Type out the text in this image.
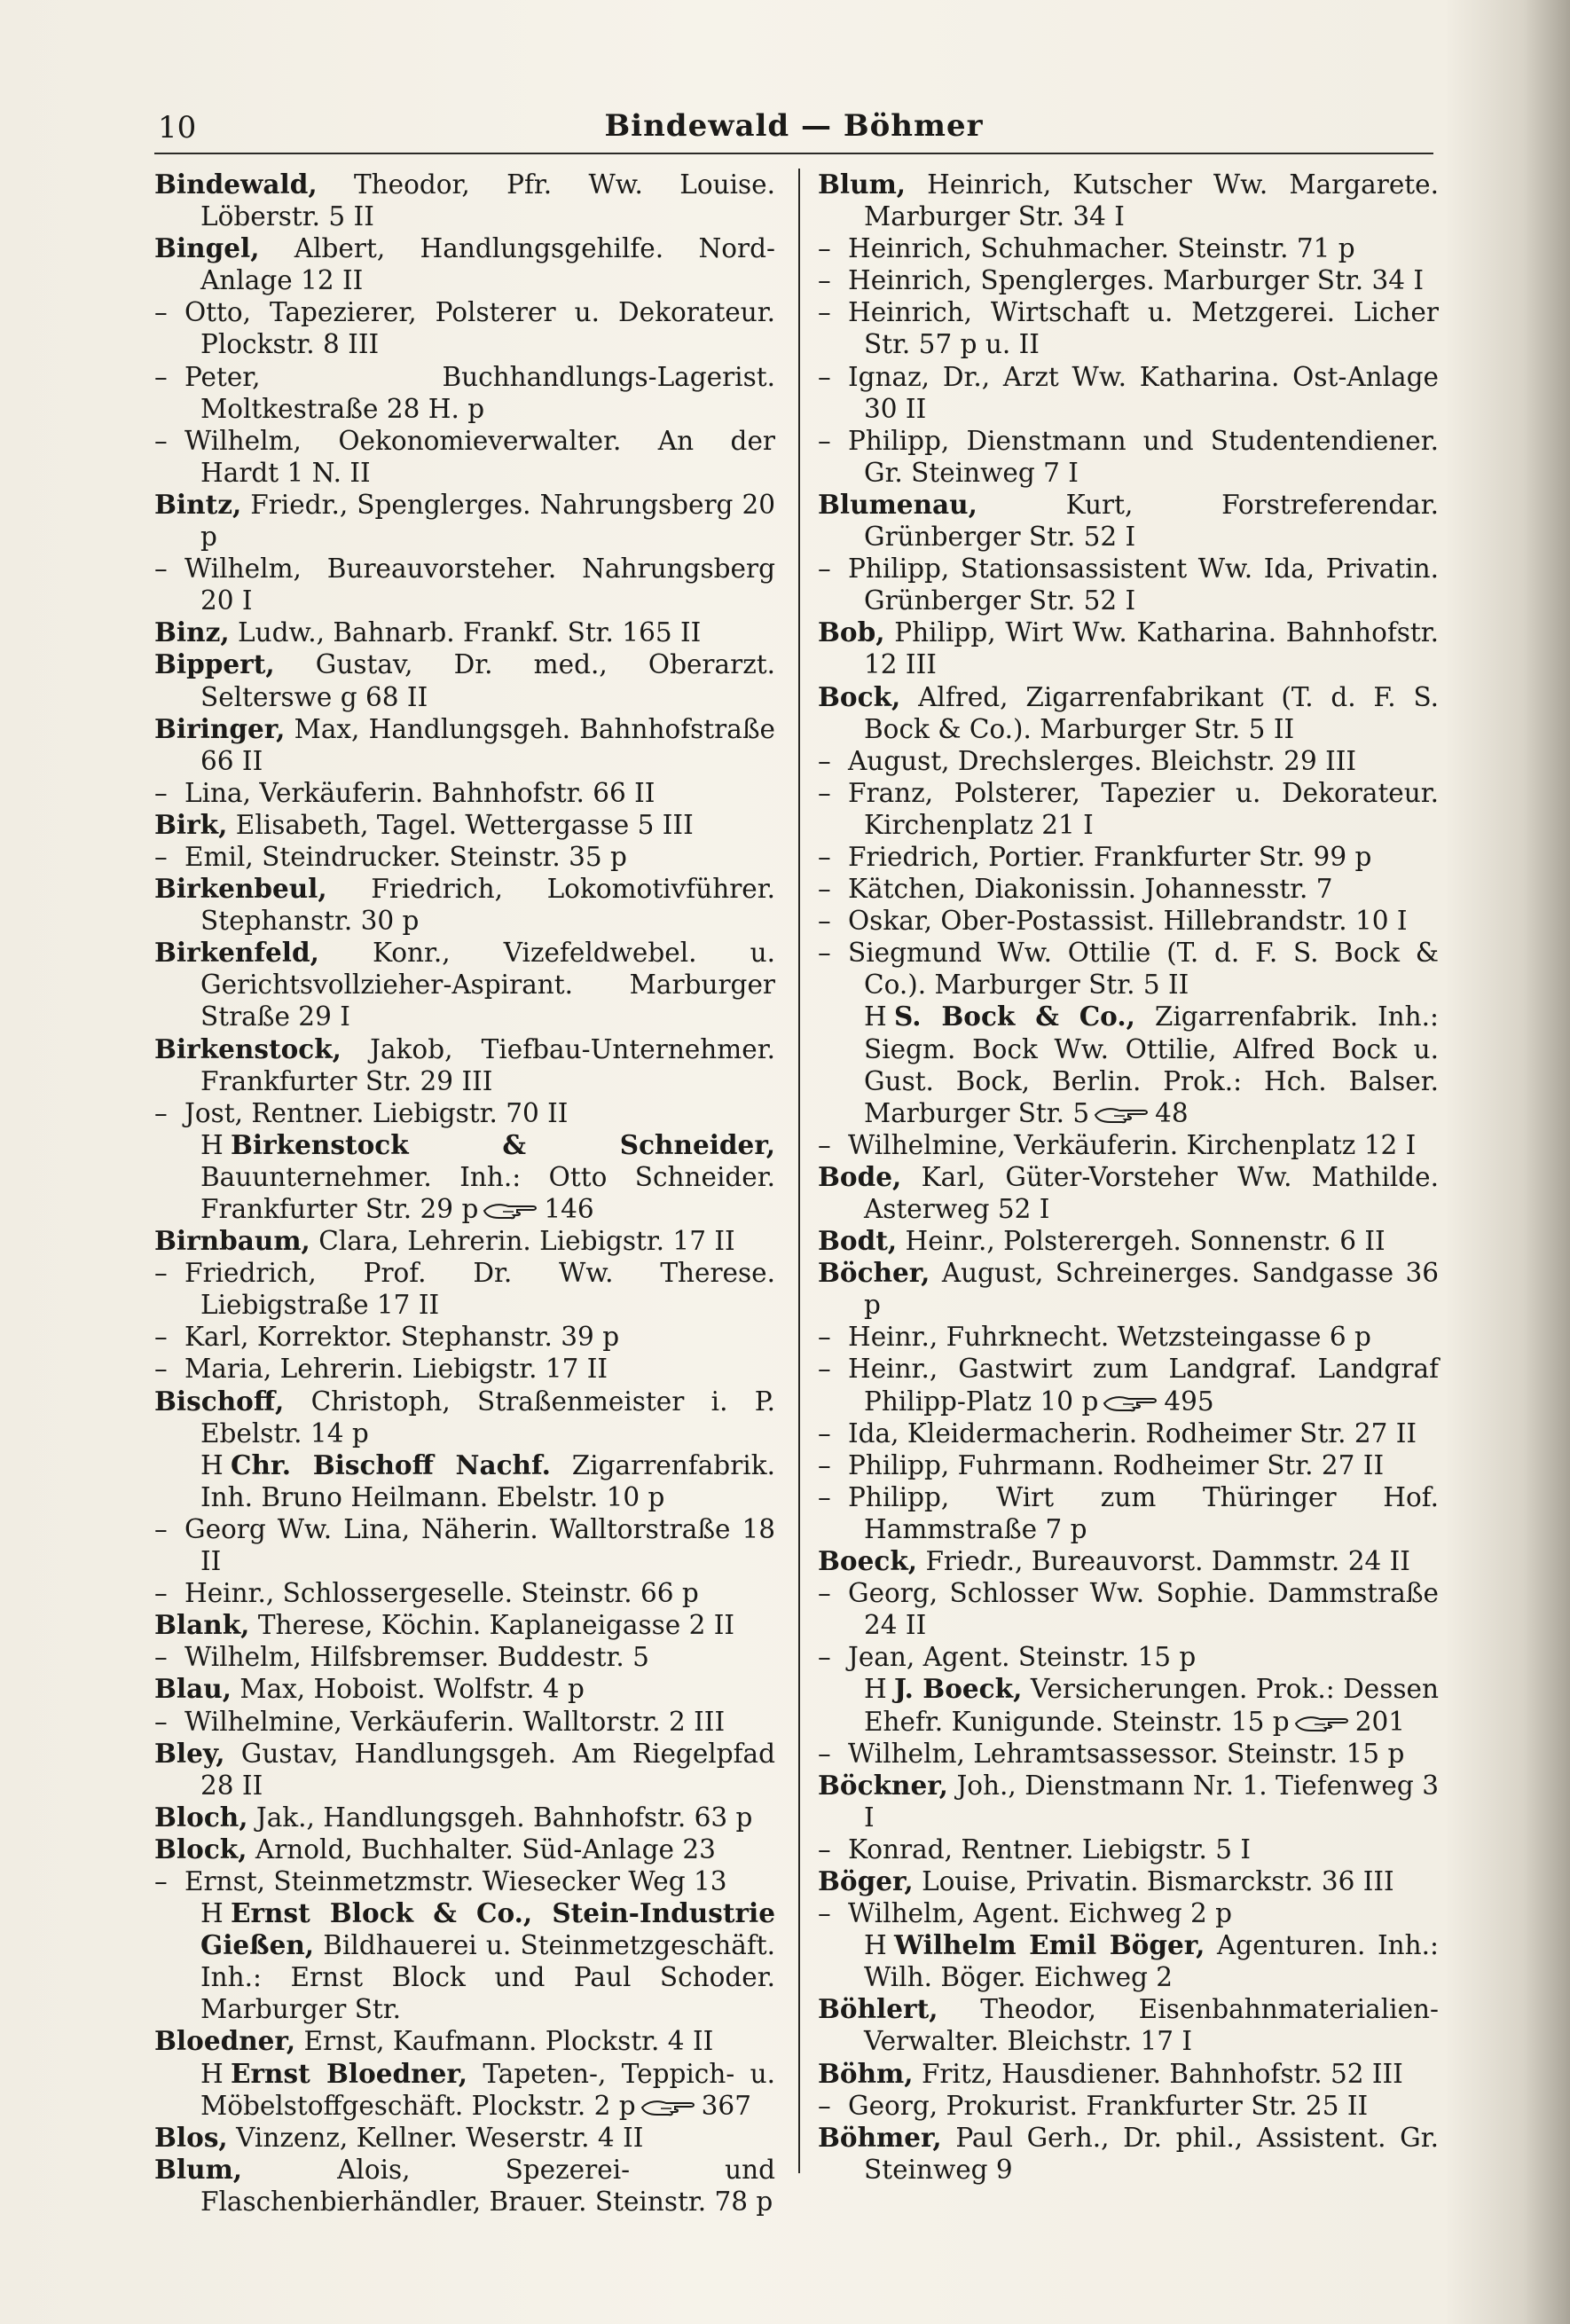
10	Bindewald — Böhmer

Bindewald, Theodor, Pfr. Ww. Louise. Löberstr. 5 II

Bingel, Albert, Handlungsgehilfe. Nord-Anlage 12 II

– Otto, Tapezierer, Polsterer u. Dekorateur. Plockstr. 8 III

– Peter, Buchhandlungs-Lagerist. Moltkestraße 28 H. p

– Wilhelm, Oekonomieverwalter. An der Hardt 1 N. II

Bintz, Friedr., Spenglerges. Nahrungsberg 20 p

– Wilhelm, Bureauvorsteher. Nahrungsberg 20 I

Binz, Ludw., Bahnarb. Frankf. Str. 165 II

Bippert, Gustav, Dr. med., Oberarzt. Selterswe g 68 II

Biringer, Max, Handlungsgeh. Bahnhofstraße 66 II

– Lina, Verkäuferin. Bahnhofstr. 66 II

Birk, Elisabeth, Tagel. Wettergasse 5 III

– Emil, Steindrucker. Steinstr. 35 p

Birkenbeul, Friedrich, Lokomotivführer. Stephanstr. 30 p

Birkenfeld, Konr., Vizefeldwebel. u. Gerichtsvollzieher-Aspirant. Marburger Straße 29 I

Birkenstock, Jakob, Tiefbau-Unternehmer. Frankfurter Str. 29 III

– Jost, Rentner. Liebigstr. 70 II

H Birkenstock & Schneider, Bauunternehmer. Inh.: Otto Schneider. Frankfurter Str. 29 p	146

Birnbaum, Clara, Lehrerin. Liebigstr. 17 II

– Friedrich, Prof. Dr. Ww. Therese. Liebigstraße 17 II

– Karl, Korrektor. Stephanstr. 39 p

– Maria, Lehrerin. Liebigstr. 17 II

Bischoff, Christoph, Straßenmeister i. P. Ebelstr. 14 p

H Chr. Bischoff Nachf. Zigarrenfabrik. Inh. Bruno Heilmann. Ebelstr. 10 p

– Georg Ww. Lina, Näherin. Walltorstraße 18 II

– Heinr., Schlossergeselle. Steinstr. 66 p

Blank, Therese, Köchin. Kaplaneigasse 2 II

– Wilhelm, Hilfsbremser. Buddestr. 5

Blau, Max, Hoboist. Wolfstr. 4 p

– Wilhelmine, Verkäuferin. Walltorstr. 2 III

Bley, Gustav, Handlungsgeh. Am Riegelpfad 28 II

Bloch, Jak., Handlungsgeh. Bahnhofstr. 63 p

Block, Arnold, Buchhalter. Süd-Anlage 23

– Ernst, Steinmetzmstr. Wiesecker Weg 13

H Ernst Block & Co., Stein-Industrie Gießen, Bildhauerei u. Steinmetzgeschäft. Inh.: Ernst Block und Paul Schoder. Marburger Str.

Bloedner, Ernst, Kaufmann. Plockstr. 4 II

H Ernst Bloedner, Tapeten-, Teppich- u. Möbelstoffgeschäft. Plockstr. 2 p	367

Blos, Vinzenz, Kellner. Weserstr. 4 II

Blum,	Alois, Spezerei- und Flaschenbierhändler, Brauer. Steinstr. 78 p

Blum, Heinrich, Kutscher Ww. Margarete. Marburger Str. 34 I

– Heinrich, Schuhmacher. Steinstr. 71 p

– Heinrich, Spenglerges. Marburger Str. 34 I

– Heinrich, Wirtschaft u. Metzgerei. Licher Str. 57 p u. II

– Ignaz, Dr., Arzt Ww. Katharina. Ost-Anlage 30 II

– Philipp, Dienstmann und Studentendiener. Gr. Steinweg 7 I

Blumenau,	Kurt, Forstreferendar. Grünberger Str. 52 I

– Philipp, Stationsassistent Ww. Ida, Privatin. Grünberger Str. 52 I

Bob, Philipp, Wirt Ww. Katharina. Bahnhofstr. 12 III

Bock, Alfred, Zigarrenfabrikant (T. d. F. S. Bock & Co.). Marburger Str. 5 II

– August, Drechslerges. Bleichstr. 29 III

– Franz, Polsterer, Tapezier u. Dekorateur. Kirchenplatz 21 I

– Friedrich, Portier. Frankfurter Str. 99 p

– Kätchen, Diakonissin. Johannesstr. 7

– Oskar, Ober-Postassist. Hillebrandstr. 10 I

– Siegmund Ww. Ottilie (T. d. F. S. Bock & Co.). Marburger Str. 5 II

H S. Bock & Co., Zigarrenfabrik. Inh.: Siegm. Bock Ww. Ottilie, Alfred Bock u. Gust. Bock, Berlin. Prok.: Hch. Balser. Marburger Str. 5	48

– Wilhelmine, Verkäuferin. Kirchenplatz 12 I

Bode, Karl, Güter-Vorsteher Ww. Mathilde. Asterweg 52 I

Bodt, Heinr., Polsterergeh. Sonnenstr. 6 II

Böcher, August, Schreinerges. Sandgasse 36 p

– Heinr., Fuhrknecht. Wetzsteingasse 6 p

– Heinr., Gastwirt zum Landgraf. Landgraf Philipp-Platz 10 p	495

– Ida, Kleidermacherin. Rodheimer Str. 27 II

– Philipp, Fuhrmann. Rodheimer Str. 27 II

– Philipp, Wirt zum Thüringer Hof. Hammstraße 7 p

Boeck, Friedr., Bureauvorst. Dammstr. 24 II

– Georg, Schlosser Ww. Sophie. Dammstraße 24 II

– Jean, Agent. Steinstr. 15 p

H J. Boeck, Versicherungen. Prok.: Dessen Ehefr. Kunigunde. Steinstr. 15 p	201

– Wilhelm, Lehramtsassessor. Steinstr. 15 p

Böckner, Joh., Dienstmann Nr. 1. Tiefenweg 3 I

– Konrad, Rentner. Liebigstr. 5 I

Böger, Louise, Privatin. Bismarckstr. 36 III

– Wilhelm, Agent. Eichweg 2 p

H Wilhelm Emil Böger, Agenturen. Inh.: Wilh. Böger. Eichweg 2

Böhlert, Theodor, Eisenbahnmaterialien-Verwalter. Bleichstr. 17 I

Böhm, Fritz, Hausdiener. Bahnhofstr. 52 III

– Georg, Prokurist. Frankfurter Str. 25 II

Böhmer, Paul Gerh., Dr. phil., Assistent. Gr. Steinweg 9
